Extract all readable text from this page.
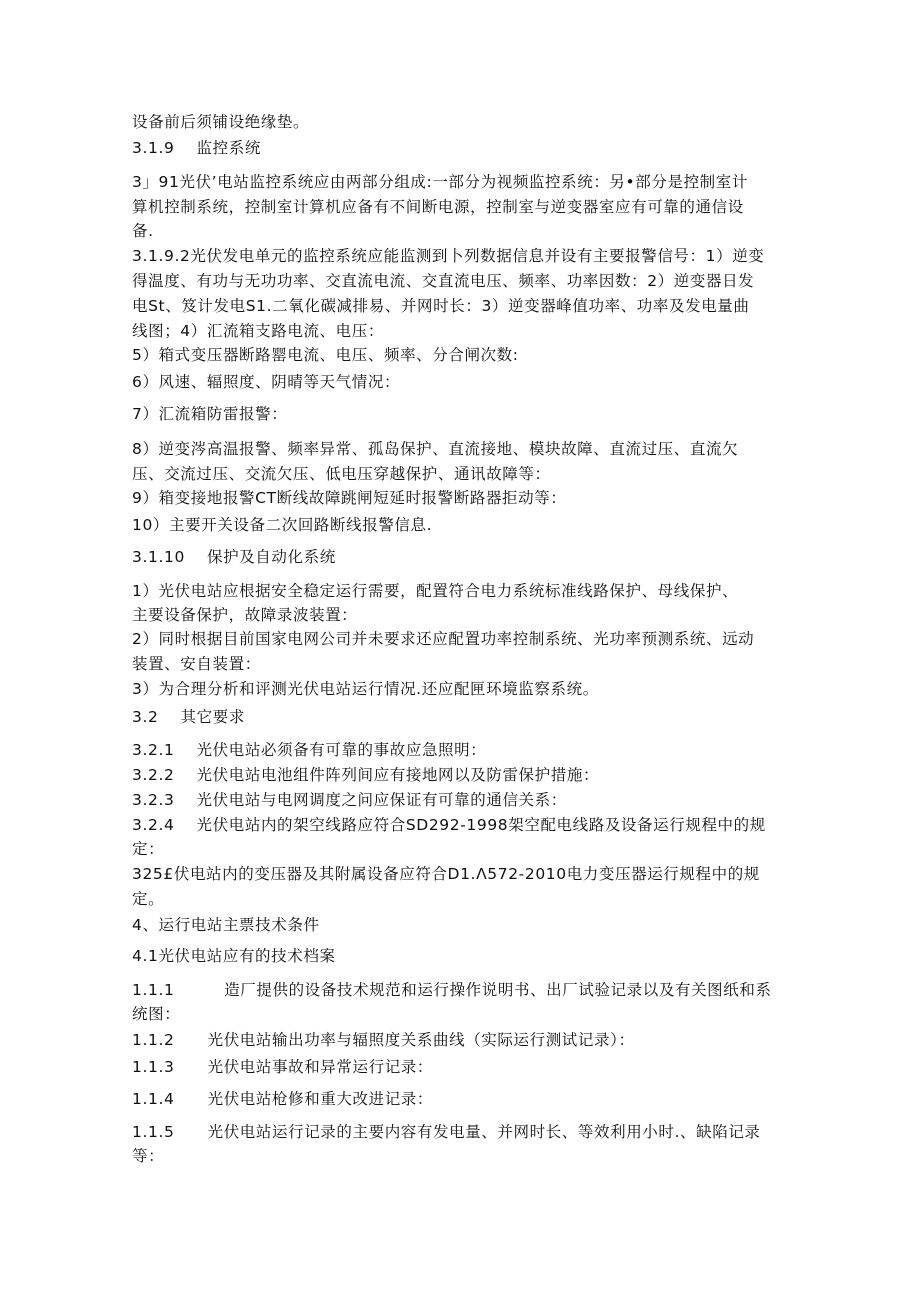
设备前后须铺设绝缘垫。
3.1.9    监控系统
3」91光伏’电站监控系统应由两部分组成:一部分为视频监控系统：另•部分是控制室计
算机控制系统，控制室计算机应备有不间断电源，控制室与逆变器室应有可靠的通信设
备.
3.1.9.2光伏发电单元的监控系统应能监测到卜列数据信息并设有主要报警信号：1）逆变
得温度、有功与无功功率、交直流电流、交直流电压、频率、功率因数：2）逆变器日发
电St、笈计发电S1.二氧化碳减排易、并网时长：3）逆变器峰值功率、功率及发电量曲
线图；4）汇流箱支路电流、电压：
5）箱式变压器断路罂电流、电压、频率、分合闸次数:
6）风速、辐照度、阴晴等天气情况：
7）汇流箱防雷报警：
8）逆变涔高温报警、频率异常、孤岛保护、直流接地、模块故障、直流过压、直流欠
压、交流过压、交流欠压、低电压穿越保护、通讯故障等：
9）箱变接地报警CT断线故障跳闸短延时报警断路器拒动等：
10）主要开关设备二次回路断线报警信息.
3.1.10    保护及自动化系统
1）光伏电站应根据安全稳定运行需要，配置符合电力系统标准线路保护、母线保护、
主要设备保护，故障录波装置：
2）同时根据目前国家电网公司并未要求还应配置功率控制系统、光功率预测系统、远动
装置、安自装置：
3）为合理分析和评测光伏电站运行情况.还应配匣环境监察系统。
3.2    其它要求
3.2.1    光伏电站必须备有可靠的事故应急照明：
3.2.2    光伏电站电池组件阵列间应有接地网以及防雷保护措施：
3.2.3    光伏电站与电网调度之问应保证有可靠的通信关系：
3.2.4    光伏电站内的架空线路应符合SD292-1998架空配电线路及设备运行规程中的规
定：
325£伏电站内的变压器及其附属设备应符合D1.Λ572-2010电力变压器运行规程中的规
定。
4、运行电站主票技术条件
4.1光伏电站应有的技术档案
1.1.1         造厂提供的设备技术规范和运行操作说明书、出厂试验记录以及有关图纸和系
统图：
1.1.2      光伏电站输出功率与辐照度关系曲线（实际运行测试记录）：
1.1.3      光伏电站事故和异常运行记录：
1.1.4      光伏电站枪修和重大改进记录：
1.1.5      光伏电站运行记录的主要内容有发电量、并网时长、等效利用小时.、缺陷记录
等：
